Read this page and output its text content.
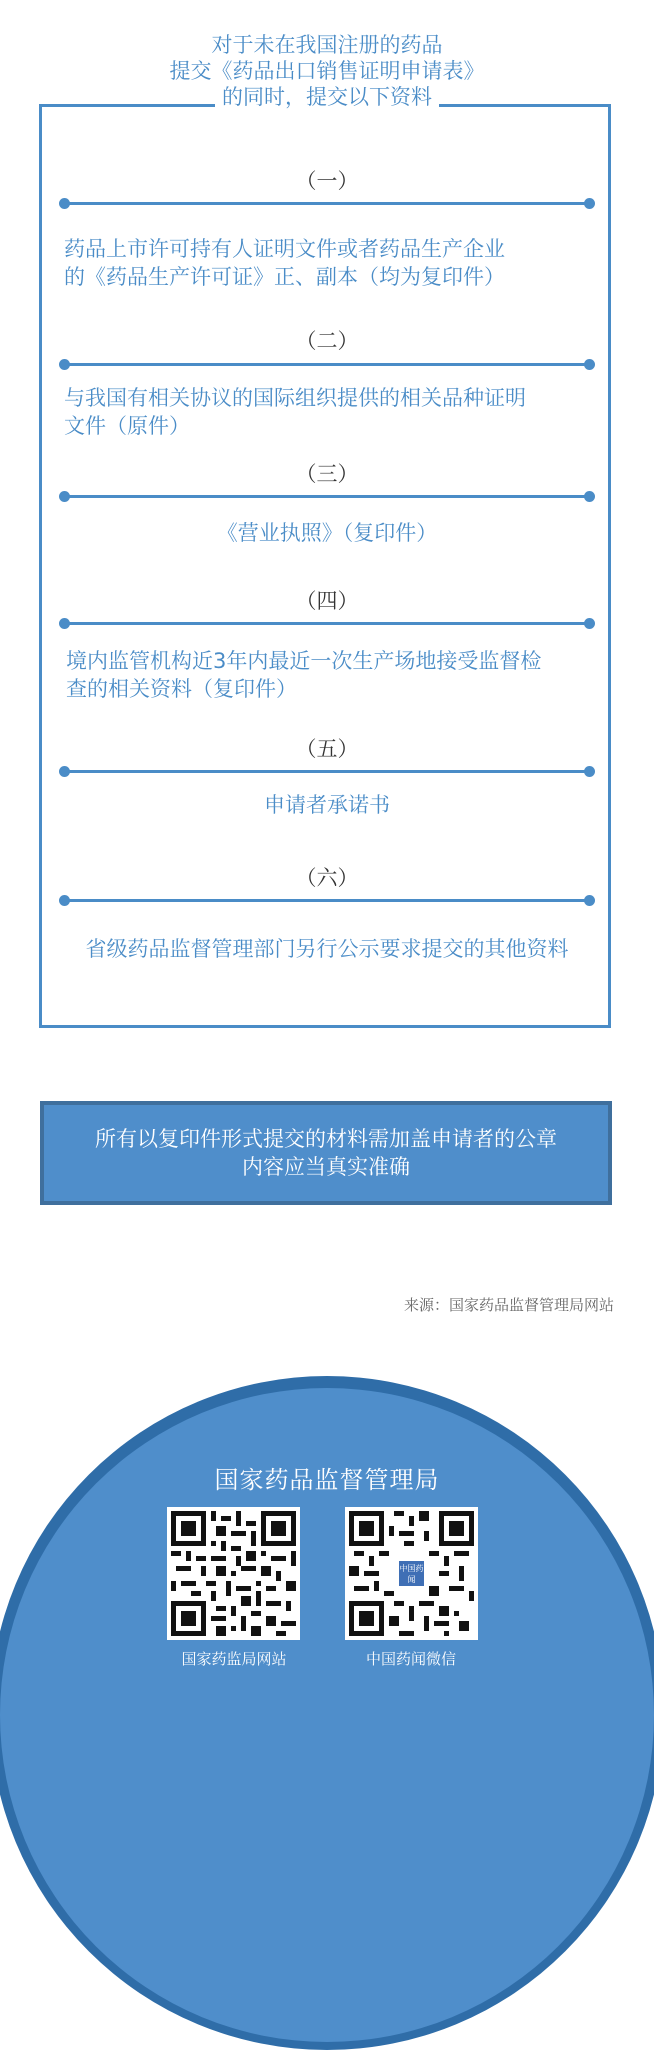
对于未在我国注册的药品
提交《药品出口销售证明申请表》
的同时，提交以下资料
（一）
药品上市许可持有人证明文件或者药品生产企业
的《药品生产许可证》正、副本（均为复印件）
（二）
与我国有相关协议的国际组织提供的相关品种证明
文件（原件）
（三）
《营业执照》（复印件）
（四）
境内监管机构近3年内最近一次生产场地接受监督检
查的相关资料（复印件）
（五）
申请者承诺书
（六）
省级药品监督管理部门另行公示要求提交的其他资料
所有以复印件形式提交的材料需加盖申请者的公章
内容应当真实准确
来源：国家药品监督管理局网站
国家药品监督管理局
中国药闻
国家药监局网站	中国药闻微信
